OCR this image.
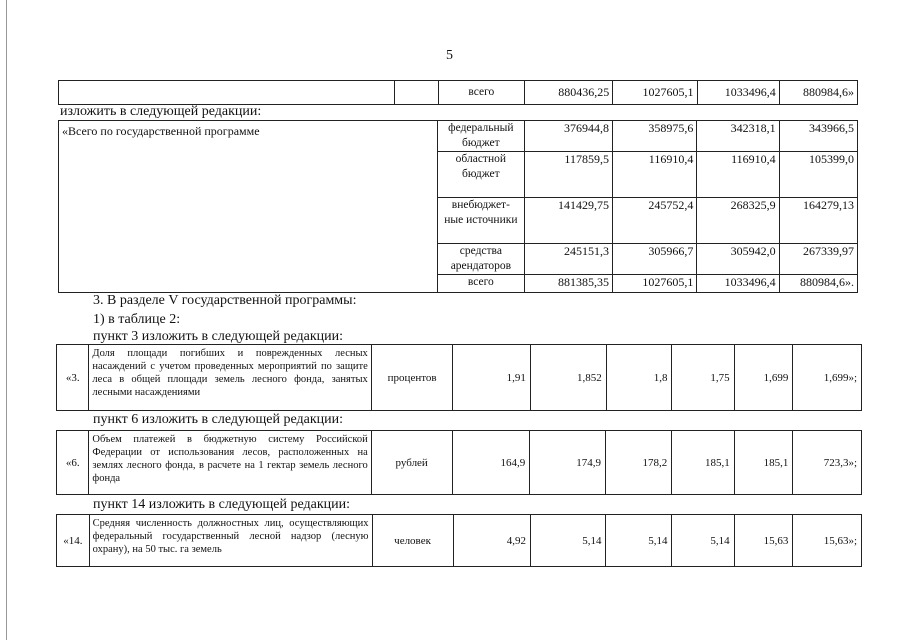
5
		всего	880436,25	1027605,1	1033496,4	880984,6»
изложить в следующей редакции:
«Всего по государственной программе	федеральный бюджет	376944,8	358975,6	342318,1	343966,5
	областной бюджет	117859,5	116910,4	116910,4	105399,0
	внебюджет-ные источники	141429,75	245752,4	268325,9	164279,13
	средства арендаторов	245151,3	305966,7	305942,0	267339,97
	всего	881385,35	1027605,1	1033496,4	880984,6».
3. В разделе V государственной программы:
1) в таблице 2:
пункт 3 изложить в следующей редакции:
«3.	Доля площади погибших и поврежденных лесных насаждений с учетом проведенных мероприятий по защите леса в общей площади земель лесного фонда, занятых лесными насаждениями	процентов	1,91	1,852	1,8	1,75	1,699	1,699»;
пункт 6 изложить в следующей редакции:
«6.	Объем платежей в бюджетную систему Российской Федерации от использования лесов, расположенных на землях лесного фонда, в расчете на 1 гектар земель лесного фонда	рублей	164,9	174,9	178,2	185,1	185,1	723,3»;
пункт 14 изложить в следующей редакции:
«14.	Средняя численность должностных лиц, осуществляющих федеральный государственный лесной надзор (лесную охрану), на 50 тыс. га земель	человек	4,92	5,14	5,14	5,14	15,63	15,63»;
